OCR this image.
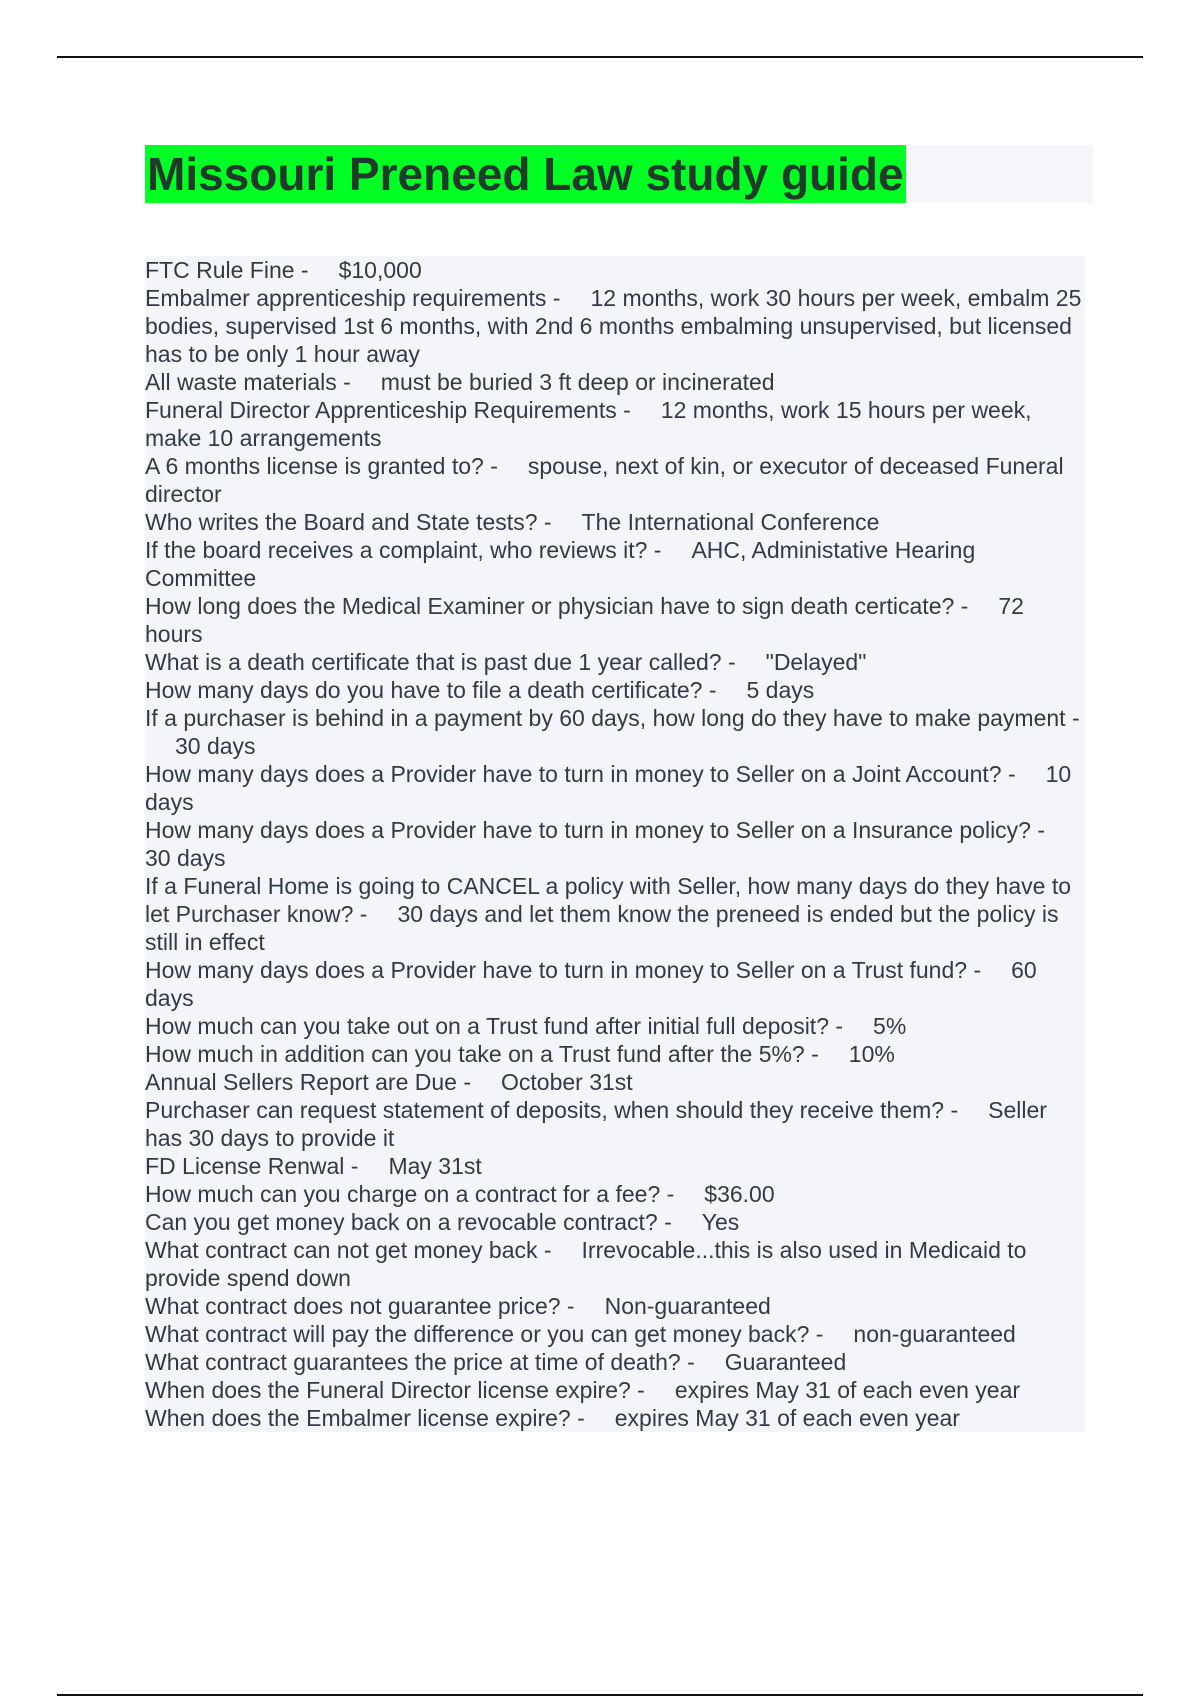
Missouri Preneed Law study guide
FTC Rule Fine - $10,000
Embalmer apprenticeship requirements - 12 months, work 30 hours per week, embalm 25 bodies, supervised 1st 6 months, with 2nd 6 months embalming unsupervised, but licensed has to be only 1 hour away
All waste materials - must be buried 3 ft deep or incinerated
Funeral Director Apprenticeship Requirements - 12 months, work 15 hours per week, make 10 arrangements
A 6 months license is granted to? - spouse, next of kin, or executor of deceased Funeral director
Who writes the Board and State tests? - The International Conference
If the board receives a complaint, who reviews it? - AHC, Administative Hearing Committee
How long does the Medical Examiner or physician have to sign death certicate? - 72 hours
What is a death certificate that is past due 1 year called? - "Delayed"
How many days do you have to file a death certificate? - 5 days
If a purchaser is behind in a payment by 60 days, how long do they have to make payment -30 days
How many days does a Provider have to turn in money to Seller on a Joint Account? - 10 days
How many days does a Provider have to turn in money to Seller on a Insurance policy? -30 days
If a Funeral Home is going to CANCEL a policy with Seller, how many days do they have to let Purchaser know? - 30 days and let them know the preneed is ended but the policy is still in effect
How many days does a Provider have to turn in money to Seller on a Trust fund? - 60 days
How much can you take out on a Trust fund after initial full deposit? - 5%
How much in addition can you take on a Trust fund after the 5%? - 10%
Annual Sellers Report are Due - October 31st
Purchaser can request statement of deposits, when should they receive them? - Seller has 30 days to provide it
FD License Renwal - May 31st
How much can you charge on a contract for a fee? - $36.00
Can you get money back on a revocable contract? - Yes
What contract can not get money back - Irrevocable...this is also used in Medicaid to provide spend down
What contract does not guarantee price? - Non-guaranteed
What contract will pay the difference or you can get money back? - non-guaranteed
What contract guarantees the price at time of death? - Guaranteed
When does the Funeral Director license expire? - expires May 31 of each even year
When does the Embalmer license expire? - expires May 31 of each even year
